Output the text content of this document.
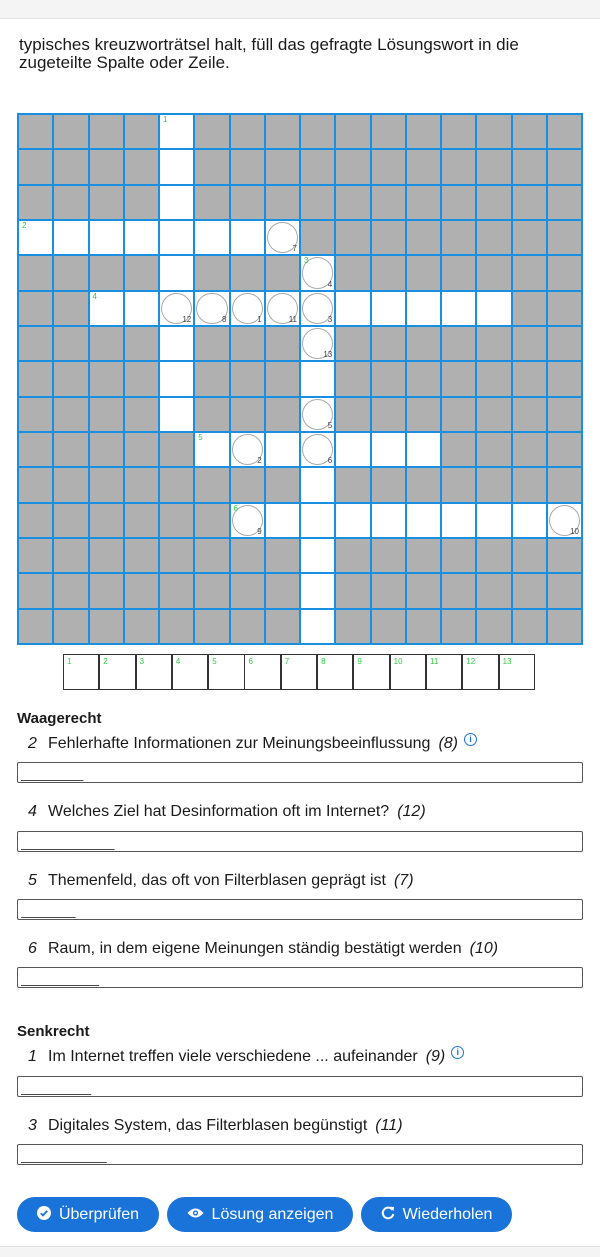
typisches kreuzworträtsel halt, füll das gefragte Lösungswort in die zugeteilte Spalte oder Zeile.
1
2
7
4
3
4
12	8	1	11	3
13
5
5
2	6
9
6
10
1	2	3	4	5	6	7	8	9	10	11	12	13
Waagerecht
2 Fehlerhafte Informationen zur Meinungsbeeinflussung (8)	i
________
4 Welches Ziel hat Desinformation oft im Internet? (12)
____________
5 Themenfeld, das oft von Filterblasen geprägt ist (7)
_______
6 Raum, in dem eigene Meinungen ständig bestätigt werden (10)
__________
Senkrecht
1 Im Internet treffen viele verschiedene ... aufeinander (9)	i
_________
3 Digitales System, das Filterblasen begünstigt (11)
___________
Überprüfen	Lösung anzeigen	Wiederholen
